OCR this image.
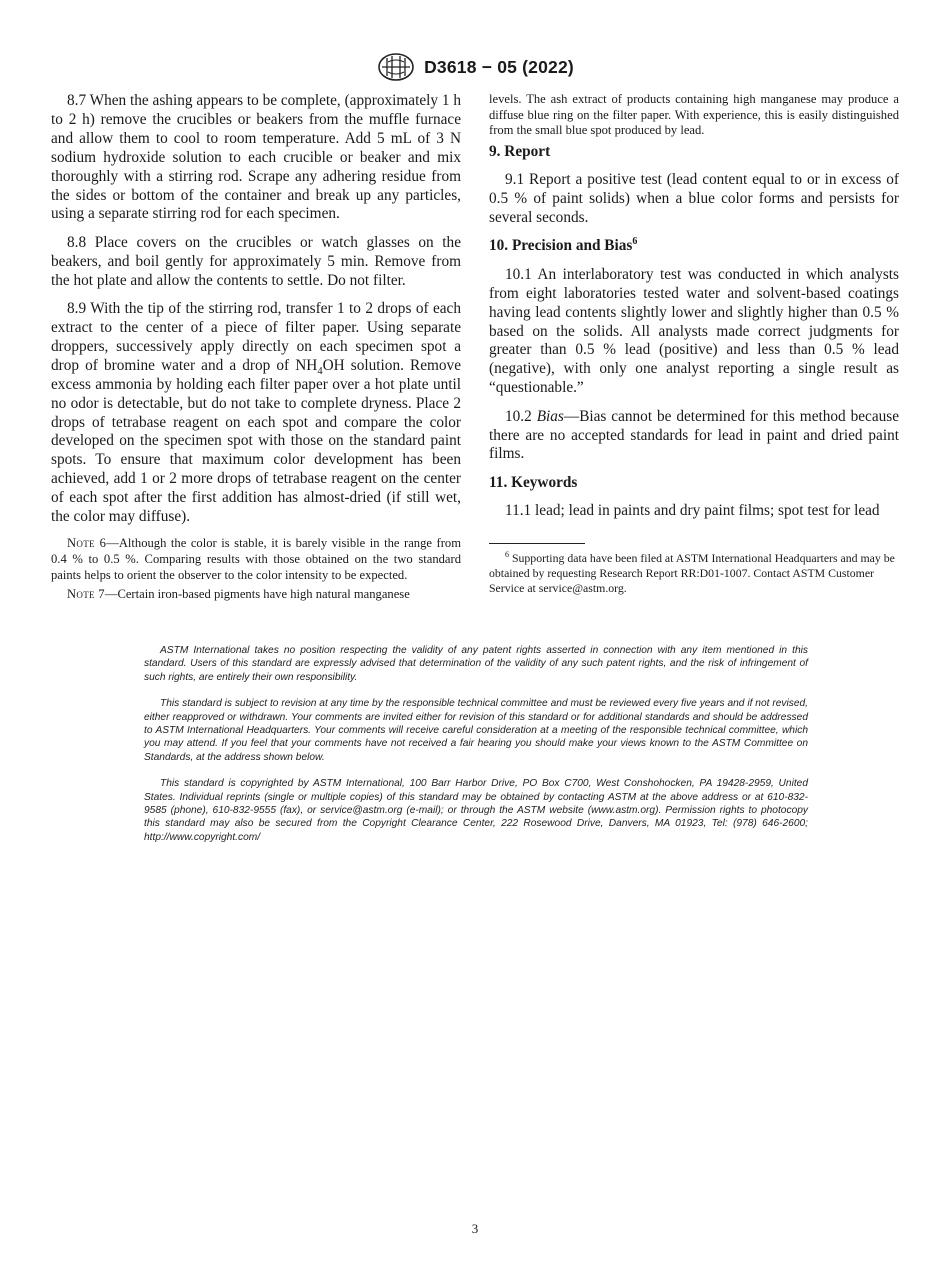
D3618 − 05 (2022)

8.7 When the ashing appears to be complete, (approximately 1 h to 2 h) remove the crucibles or beakers from the muffle furnace and allow them to cool to room temperature. Add 5 mL of 3 N sodium hydroxide solution to each crucible or beaker and mix thoroughly with a stirring rod. Scrape any adhering residue from the sides or bottom of the container and break up any particles, using a separate stirring rod for each specimen.

8.8 Place covers on the crucibles or watch glasses on the beakers, and boil gently for approximately 5 min. Remove from the hot plate and allow the contents to settle. Do not filter.

8.9 With the tip of the stirring rod, transfer 1 to 2 drops of each extract to the center of a piece of filter paper. Using separate droppers, successively apply directly on each specimen spot a drop of bromine water and a drop of $NH_4OH$ solution. Remove excess ammonia by holding each filter paper over a hot plate until no odor is detectable, but do not take to complete dryness. Place 2 drops of tetrabase reagent on each spot and compare the color developed on the specimen spot with those on the standard paint spots. To ensure that maximum color development has been achieved, add 1 or 2 more drops of tetrabase reagent on the center of each spot after the first addition has almost-dried (if still wet, the color may diffuse).

Note 6—Although the color is stable, it is barely visible in the range from 0.4 % to 0.5 %. Comparing results with those obtained on the two standard paints helps to orient the observer to the color intensity to be expected.

Note 7—Certain iron-based pigments have high natural manganese

levels. The ash extract of products containing high manganese may produce a diffuse blue ring on the filter paper. With experience, this is easily distinguished from the small blue spot produced by lead.

9. Report

9.1 Report a positive test (lead content equal to or in excess of 0.5 % of paint solids) when a blue color forms and persists for several seconds.

10. Precision and Bias$^6$

10.1 An interlaboratory test was conducted in which analysts from eight laboratories tested water and solvent-based coatings having lead contents slightly lower and slightly higher than 0.5 % based on the solids. All analysts made correct judgments for greater than 0.5 % lead (positive) and less than 0.5 % lead (negative), with only one analyst reporting a single result as “questionable.”

10.2 Bias—Bias cannot be determined for this method because there are no accepted standards for lead in paint and dried paint films.

11. Keywords

11.1 lead; lead in paints and dry paint films; spot test for lead

$^6$ Supporting data have been filed at ASTM International Headquarters and may be obtained by requesting Research Report RR:D01-1007. Contact ASTM Customer Service at service@astm.org.

ASTM International takes no position respecting the validity of any patent rights asserted in connection with any item mentioned in this standard. Users of this standard are expressly advised that determination of the validity of any such patent rights, and the risk of infringement of such rights, are entirely their own responsibility.

This standard is subject to revision at any time by the responsible technical committee and must be reviewed every five years and if not revised, either reapproved or withdrawn. Your comments are invited either for revision of this standard or for additional standards and should be addressed to ASTM International Headquarters. Your comments will receive careful consideration at a meeting of the responsible technical committee, which you may attend. If you feel that your comments have not received a fair hearing you should make your views known to the ASTM Committee on Standards, at the address shown below.

This standard is copyrighted by ASTM International, 100 Barr Harbor Drive, PO Box C700, West Conshohocken, PA 19428-2959, United States. Individual reprints (single or multiple copies) of this standard may be obtained by contacting ASTM at the above address or at 610-832-9585 (phone), 610-832-9555 (fax), or service@astm.org (e-mail); or through the ASTM website (www.astm.org). Permission rights to photocopy this standard may also be secured from the Copyright Clearance Center, 222 Rosewood Drive, Danvers, MA 01923, Tel: (978) 646-2600; http://www.copyright.com/

3
